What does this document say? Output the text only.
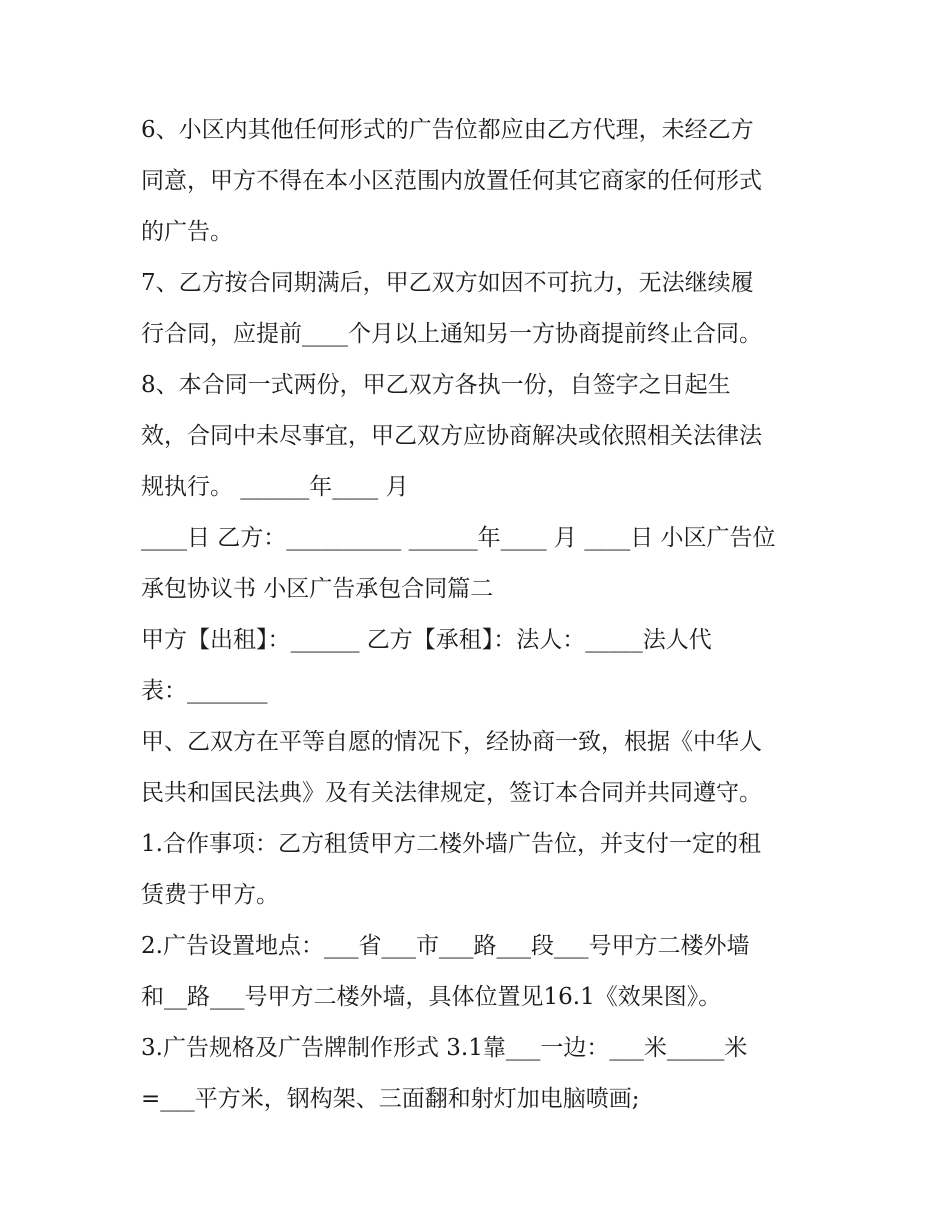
6、小区内其他任何形式的广告位都应由乙方代理，未经乙方

同意，甲方不得在本小区范围内放置任何其它商家的任何形式

的广告。

7、乙方按合同期满后，甲乙双方如因不可抗力，无法继续履

行合同，应提前____个月以上通知另一方协商提前终止合同。

8、本合同一式两份，甲乙双方各执一份，自签字之日起生

效，合同中未尽事宜，甲乙双方应协商解决或依照相关法律法

规执行。 ______年____ 月

____日 乙方：__________ ______年____ 月 ____日 小区广告位

承包协议书 小区广告承包合同篇二

甲方【出租】：______ 乙方【承租】：法人：_____法人代

表：_______

甲、乙双方在平等自愿的情况下，经协商一致，根据《中华人

民共和国民法典》及有关法律规定，签订本合同并共同遵守。

1.合作事项：乙方租赁甲方二楼外墙广告位，并支付一定的租

赁费于甲方。

2.广告设置地点：___省___市___路___段___号甲方二楼外墙

和__路___号甲方二楼外墙，具体位置见16.1《效果图》。

3.广告规格及广告牌制作形式 3.1靠___一边：___米_____米

=___平方米，钢构架、三面翻和射灯加电脑喷画;
